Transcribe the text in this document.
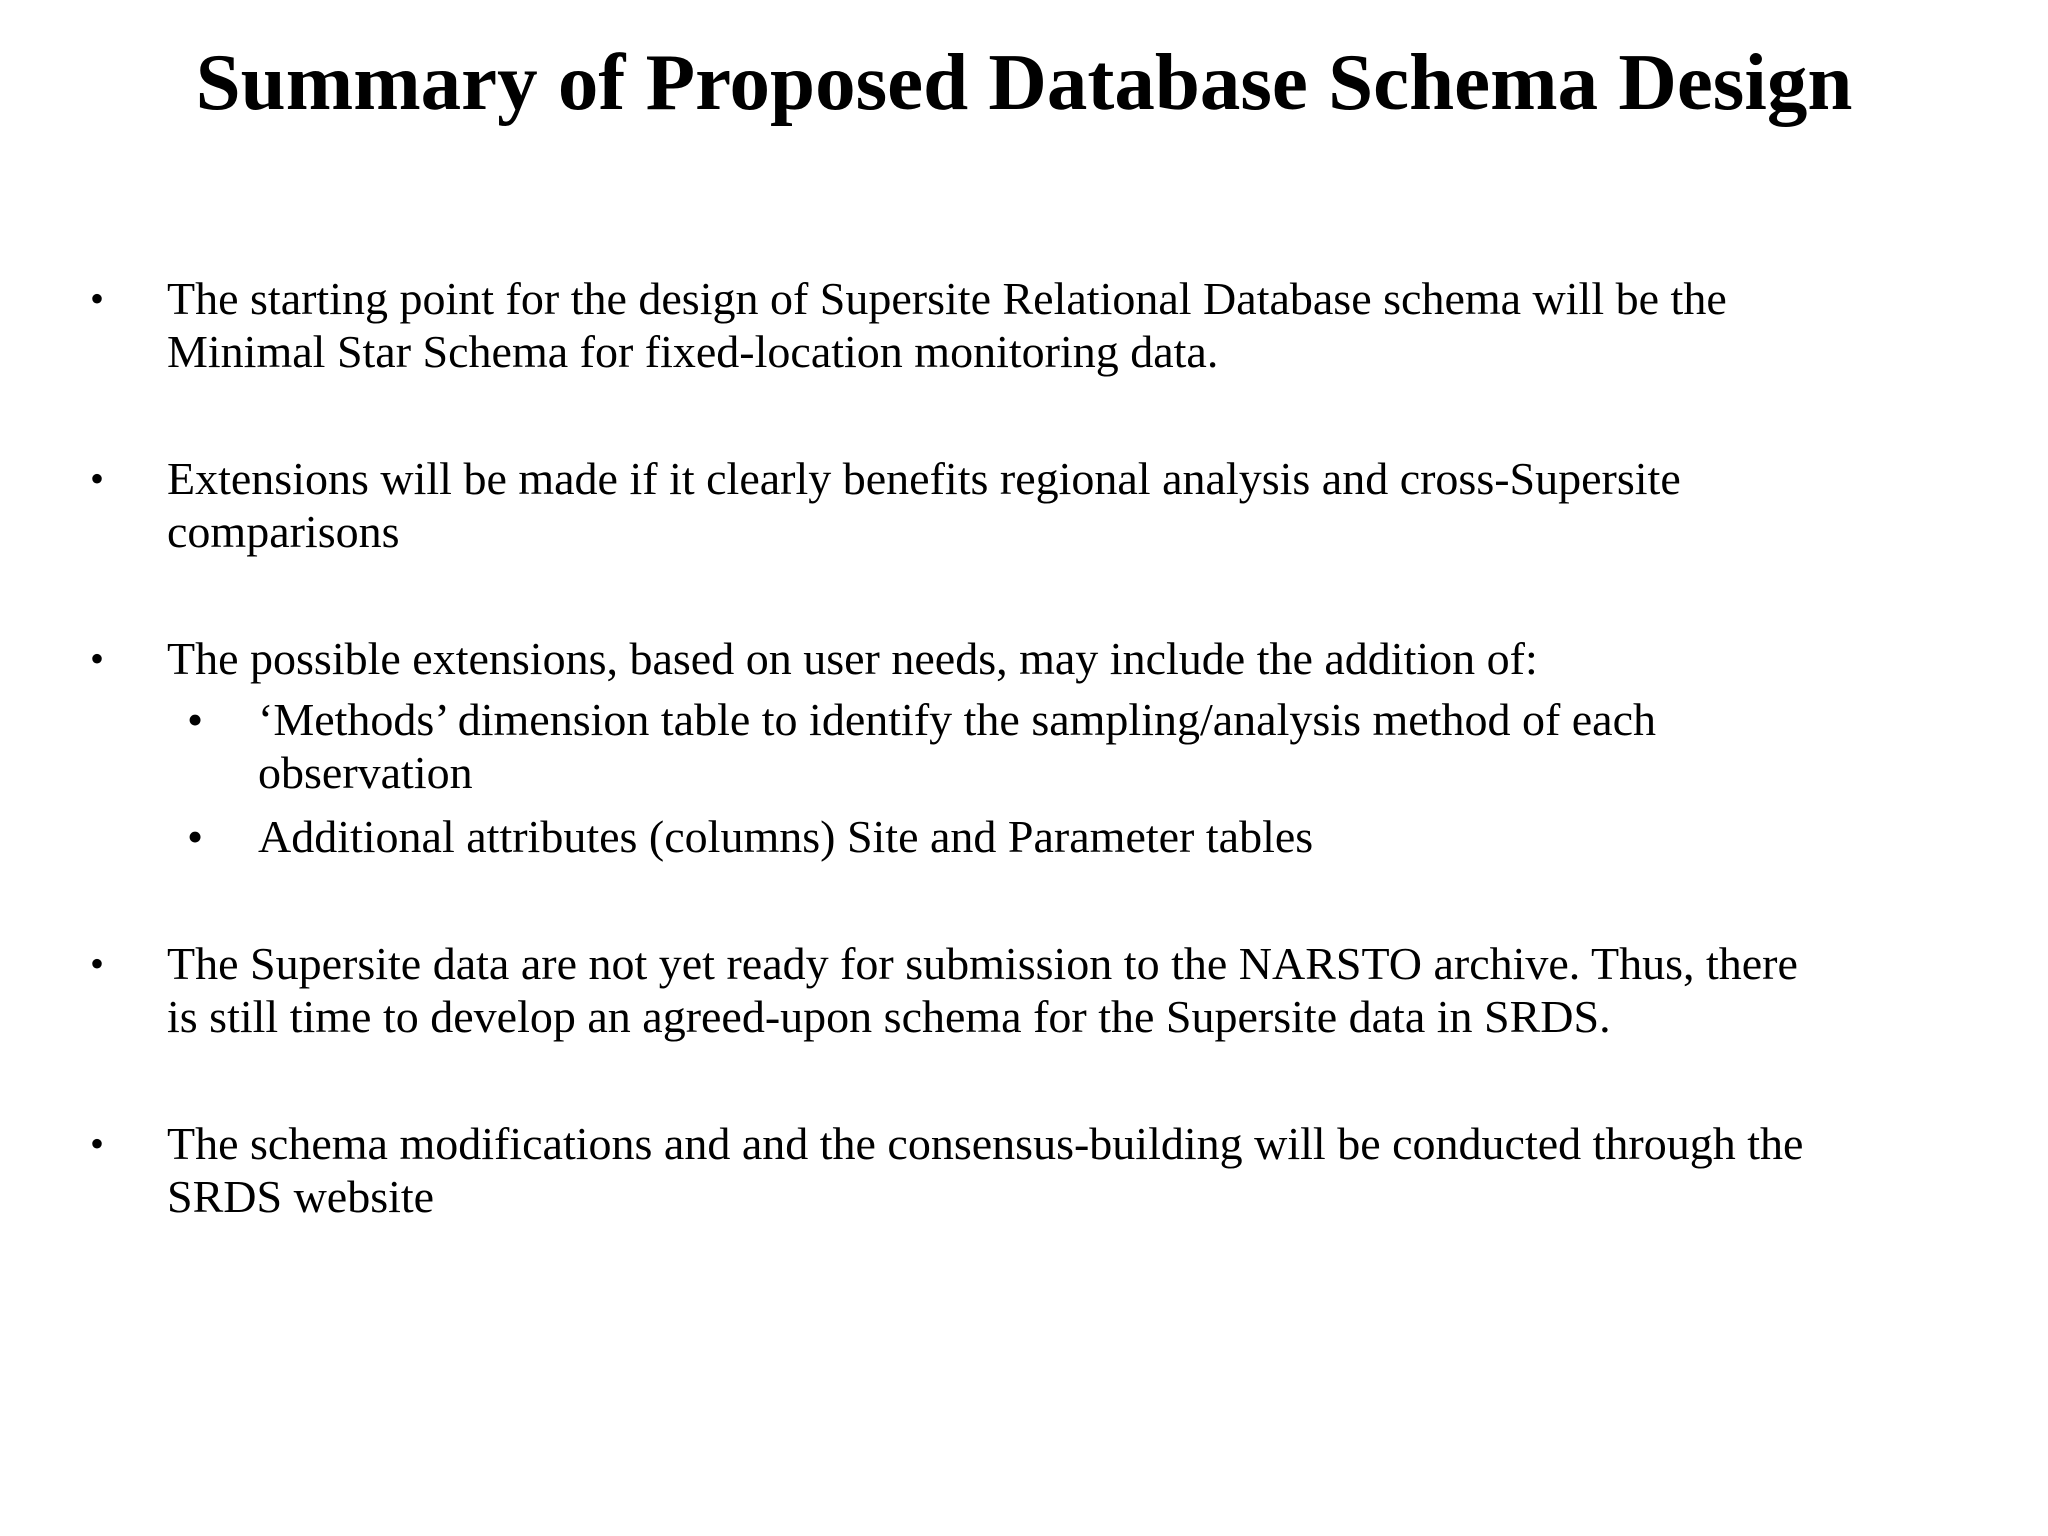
Summary of Proposed Database Schema Design
• The starting point for the design of Supersite Relational Database schema will be the
Minimal Star Schema for fixed-location monitoring data.
• Extensions will be made if it clearly benefits regional analysis and cross-Supersite
comparisons
• The possible extensions, based on user needs, may include the addition of:
• ‘Methods’ dimension table to identify the sampling/analysis method of each
observation
• Additional attributes (columns) Site and Parameter tables
• The Supersite data are not yet ready for submission to the NARSTO archive. Thus, there
is still time to develop an agreed-upon schema for the Supersite data in SRDS.
• The schema modifications and and the consensus-building will be conducted through the
SRDS website
